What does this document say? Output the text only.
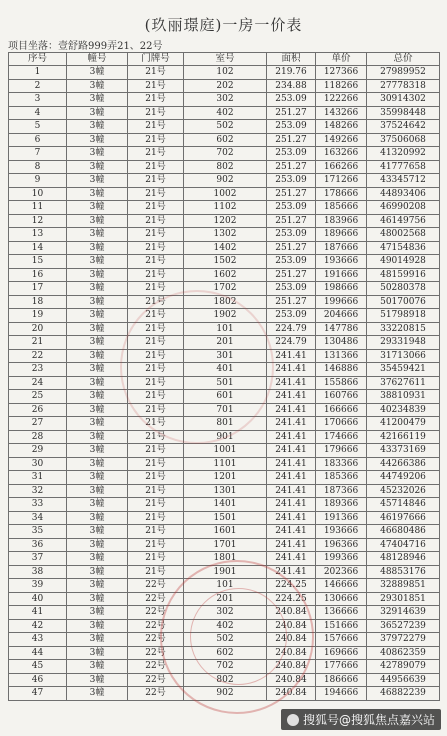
(玖丽璟庭)一房一价表
项目坐落：壹舒路999弄21、22号
序号	幢号	门牌号	室号	面积	单价	总价
1	3幢	21号	102	219.76	127366	27989952
2	3幢	21号	202	234.88	118266	27778318
3	3幢	21号	302	253.09	122266	30914302
4	3幢	21号	402	251.27	143266	35998448
5	3幢	21号	502	253.09	148266	37524642
6	3幢	21号	602	251.27	149266	37506068
7	3幢	21号	702	253.09	163266	41320992
8	3幢	21号	802	251.27	166266	41777658
9	3幢	21号	902	253.09	171266	43345712
10	3幢	21号	1002	251.27	178666	44893406
11	3幢	21号	1102	253.09	185666	46990208
12	3幢	21号	1202	251.27	183966	46149756
13	3幢	21号	1302	253.09	189666	48002568
14	3幢	21号	1402	251.27	187666	47154836
15	3幢	21号	1502	253.09	193666	49014928
16	3幢	21号	1602	251.27	191666	48159916
17	3幢	21号	1702	253.09	198666	50280378
18	3幢	21号	1802	251.27	199666	50170076
19	3幢	21号	1902	253.09	204666	51798918
20	3幢	21号	101	224.79	147786	33220815
21	3幢	21号	201	224.79	130486	29331948
22	3幢	21号	301	241.41	131366	31713066
23	3幢	21号	401	241.41	146886	35459421
24	3幢	21号	501	241.41	155866	37627611
25	3幢	21号	601	241.41	160766	38810931
26	3幢	21号	701	241.41	166666	40234839
27	3幢	21号	801	241.41	170666	41200479
28	3幢	21号	901	241.41	174666	42166119
29	3幢	21号	1001	241.41	179666	43373169
30	3幢	21号	1101	241.41	183366	44266386
31	3幢	21号	1201	241.41	185366	44749206
32	3幢	21号	1301	241.41	187366	45232026
33	3幢	21号	1401	241.41	189366	45714846
34	3幢	21号	1501	241.41	191366	46197666
35	3幢	21号	1601	241.41	193666	46680486
36	3幢	21号	1701	241.41	196366	47404716
37	3幢	21号	1801	241.41	199366	48128946
38	3幢	21号	1901	241.41	202366	48853176
39	3幢	22号	101	224.25	146666	32889851
40	3幢	22号	201	224.25	130666	29301851
41	3幢	22号	302	240.84	136666	32914639
42	3幢	22号	402	240.84	151666	36527239
43	3幢	22号	502	240.84	157666	37972279
44	3幢	22号	602	240.84	169666	40862359
45	3幢	22号	702	240.84	177666	42789079
46	3幢	22号	802	240.84	186666	44956639
47	3幢	22号	902	240.84	194666	46882239
搜狐号@搜狐焦点嘉兴站
